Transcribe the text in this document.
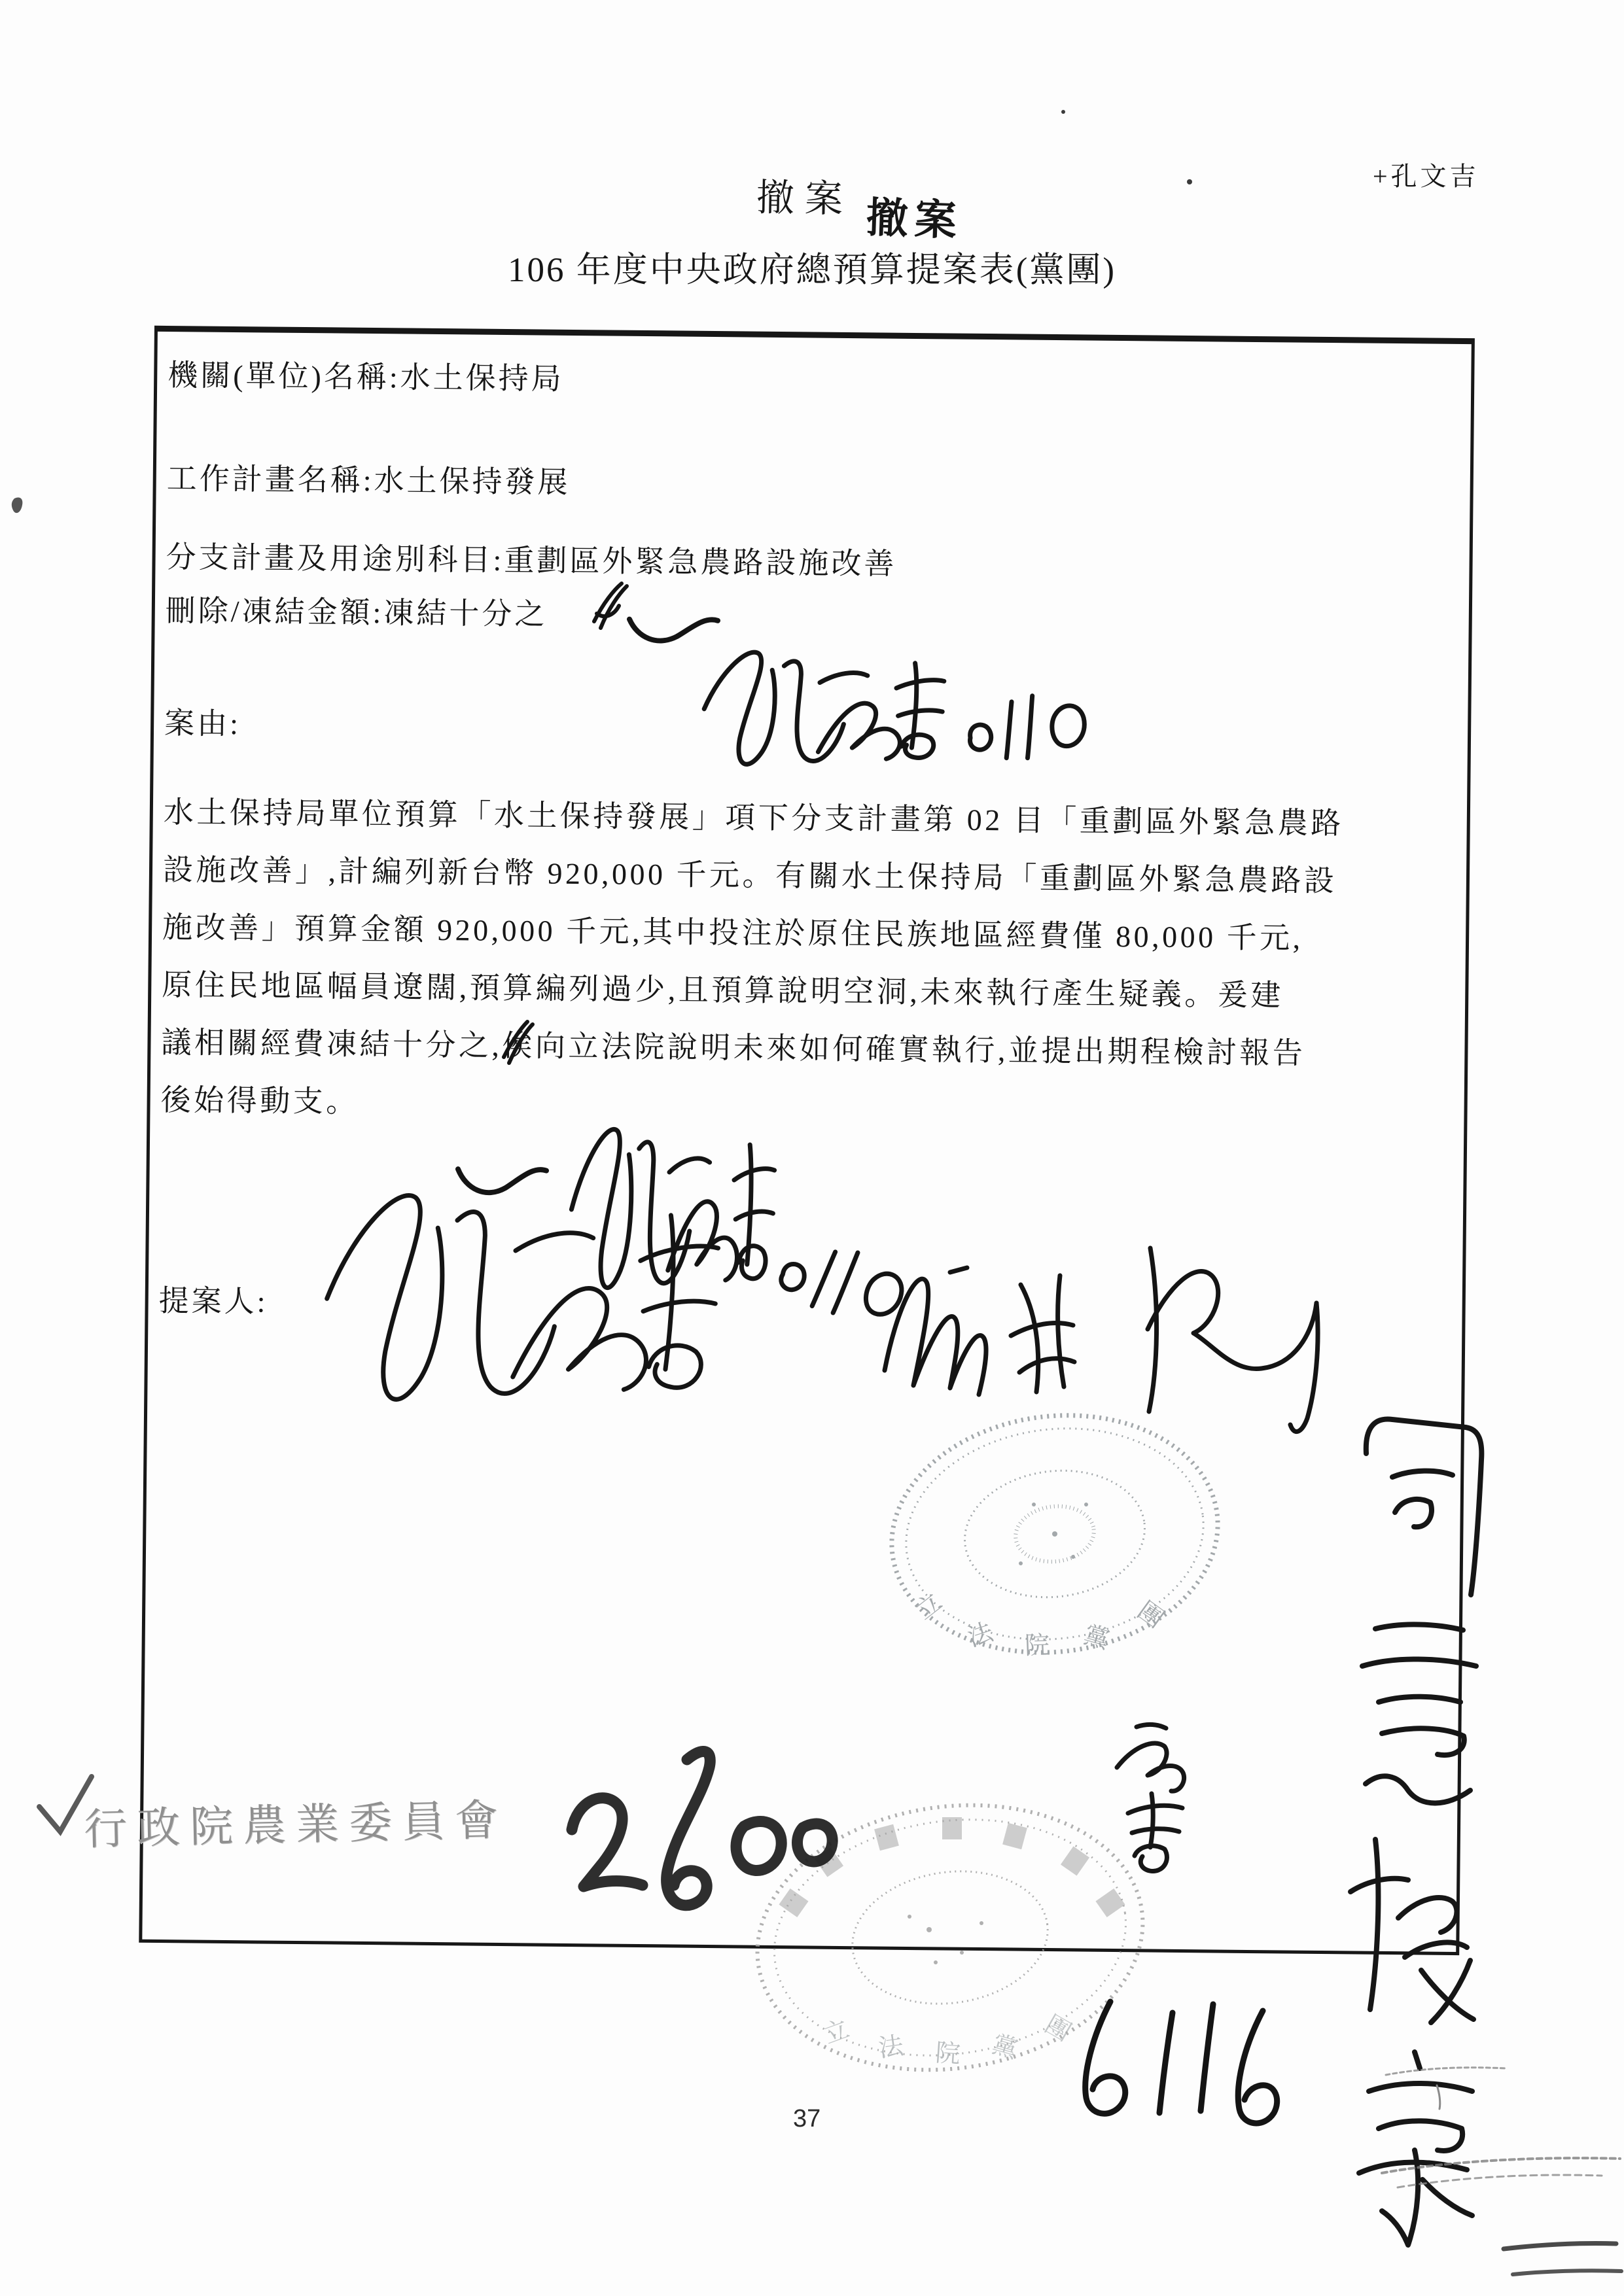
+孔文吉
撤案 撤案
106 年度中央政府總預算提案表(黨團)
機關(單位)名稱:水土保持局
工作計畫名稱:水土保持發展
分支計畫及用途別科目:重劃區外緊急農路設施改善
刪除/凍結金額:凍結十分之
案由:
水土保持局單位預算「水土保持發展」項下分支計畫第 02 目「重劃區外緊急農路
設施改善」,計編列新台幣 920,000 千元。有關水土保持局「重劃區外緊急農路設
施改善」預算金額 920,000 千元,其中投注於原住民族地區經費僅 80,000 千元,
原住民地區幅員遼闊,預算編列過少,且預算說明空洞,未來執行產生疑義。爰建
議相關經費凍結十分之,俟向立法院說明未來如何確實執行,並提出期程檢討報告
後始得動支。
提案人:
行政院農業委員會
立
法 院 黨
團
立 法 院 黨
團
37
